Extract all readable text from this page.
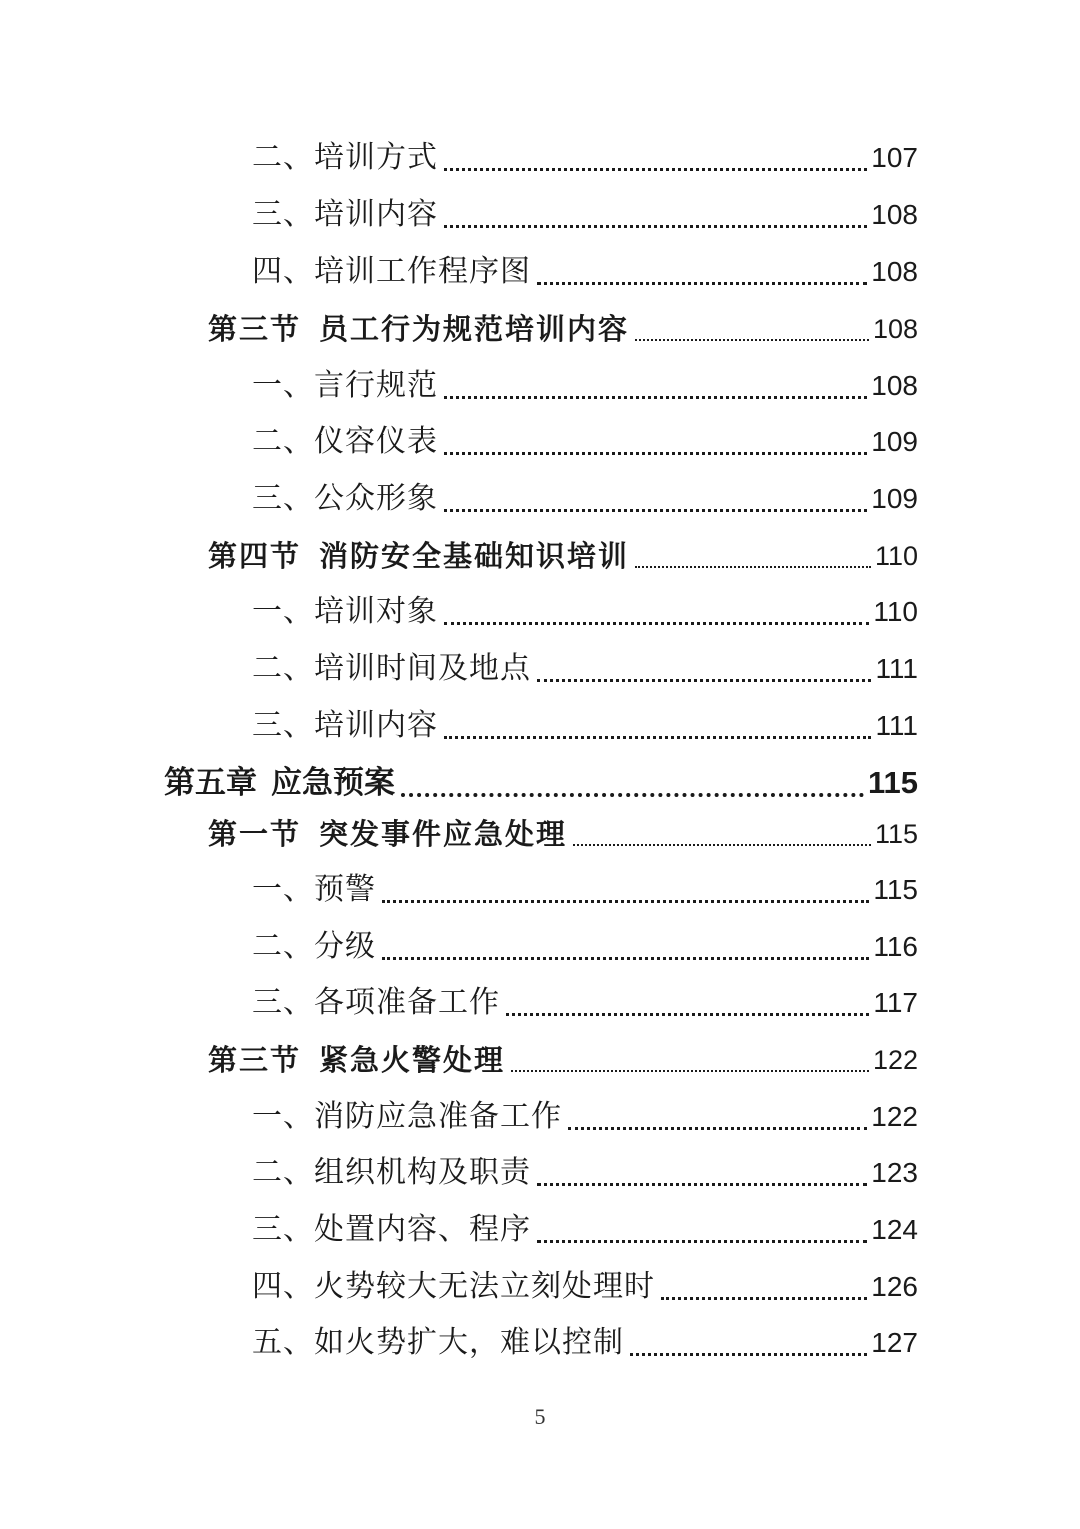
二、培训方式	107
三、培训内容	108
四、培训工作程序图	108
第三节 员工行为规范培训内容	108
一、言行规范	108
二、仪容仪表	109
三、公众形象	109
第四节 消防安全基础知识培训	110
一、培训对象	110
二、培训时间及地点	111
三、培训内容	111
第五章 应急预案	115
第一节 突发事件应急处理	115
一、预警	115
二、分级	116
三、各项准备工作	117
第三节 紧急火警处理	122
一、消防应急准备工作	122
二、组织机构及职责	123
三、处置内容、程序	124
四、火势较大无法立刻处理时	126
五、如火势扩大，难以控制	127
5
